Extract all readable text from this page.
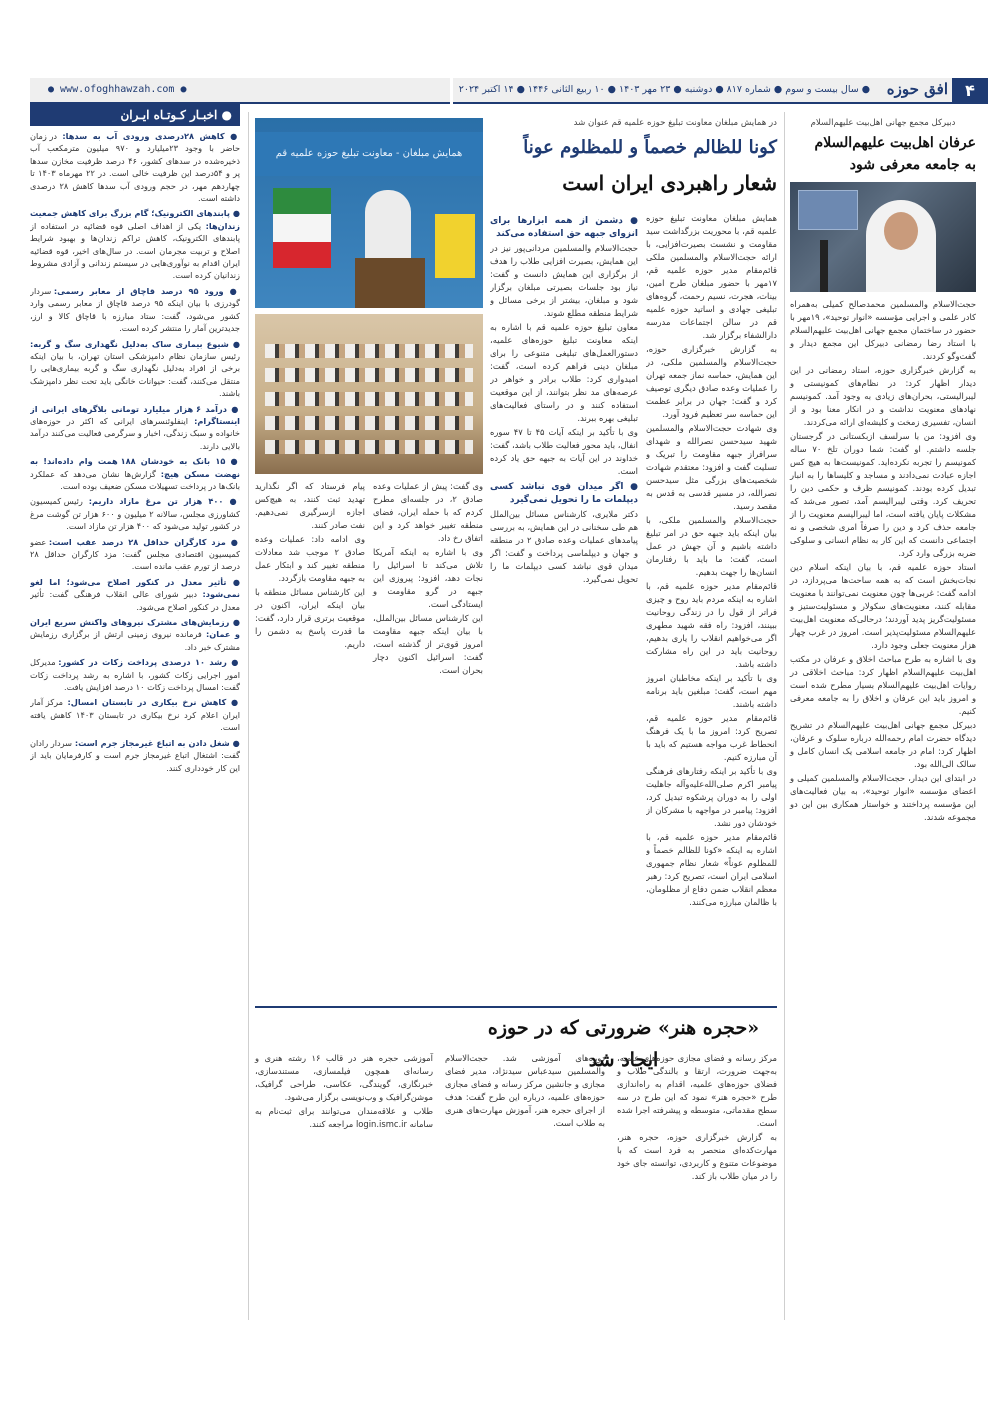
۴
افق حوزه
● سال بیست و سوم ● شماره ۸۱۷ ● دوشنبه ● ۲۳ مهر ۱۴۰۳ ● ۱۰ ربیع الثانی ۱۴۴۶ ● ۱۴ اکتبر ۲۰۲۴
● www.ofoghhawzah.com ●
دبیرکل مجمع جهانی اهل‌بیت علیهم‌السلام
عرفان اهل‌بیت علیهم‌السلام
به جامعه معرفی شود

حجت‌الاسلام والمسلمین محمدصالح کمیلی به‌همراه کادر علمی و اجرایی مؤسسه «انوار توحید»، ۱۹مهر با حضور در ساختمان مجمع جهانی اهل‌بیت علیهم‌السلام با استاد رضا رمضانی دبیرکل این مجمع دیدار و گفت‌وگو کردند.

به گزارش خبرگزاری حوزه، استاد رمضانی در این دیدار اظهار کرد: در نظام‌های کمونیستی و لیبرالیستی، بحران‌های زیادی به وجود آمد. کمونیسم نهادهای معنویت نداشت و در انکار معنا بود و از انسان، تفسیری زمخت و کلیشه‌ای ارائه می‌کردند.

وی افزود: من با سرلسف ازبکستانی در گرجستان جلسه داشتم. او گفت: شما دوران تلخ ۷۰ ساله کمونیسم را تجربه نکرده‌اید. کمونیست‌ها به هیچ کس اجازه عبادت نمی‌دادند و مساجد و کلیساها را به انبار تبدیل کرده بودند. کمونیسم ظرف و حکمی دین را تحریف کرد. وقتی لیبرالیسم آمد، تصور می‌شد که مشکلات پایان یافته است، اما لیبرالیسم معنویت را از جامعه حذف کرد و دین را صرفاً امری شخصی و نه اجتماعی دانست که این کار به نظام انسانی و سلوکی ضربه بزرگی وارد کرد.

استاد حوزه علمیه قم، با بیان اینکه اسلام دین نجات‌بخش است که به همه ساحت‌ها می‌پردازد، در ادامه گفت: غربی‌ها چون معنویت نمی‌توانند با معنویت مقابله کنند، معنویت‌های سکولار و مسئولیت‌ستیز و مسئولیت‌گریز پدید آوردند؛ درحالی‌که معنویت اهل‌بیت علیهم‌السلام مسئولیت‌پذیر است. امروز در غرب چهار هزار معنویت جعلی وجود دارد.

وی با اشاره به طرح مباحث اخلاق و عرفان در مکتب اهل‌بیت علیهم‌السلام اظهار کرد: مباحث اخلاقی در روایات اهل‌بیت علیهم‌السلام بسیار مطرح شده است و امروز باید این عرفان و اخلاق را به جامعه معرفی کنیم.

دبیرکل مجمع جهانی اهل‌بیت علیهم‌السلام در تشریح دیدگاه حضرت امام رحمه‌الله درباره سلوک و عرفان، اظهار کرد: امام در جامعه اسلامی یک انسان کامل و سالک الی‌الله بود.

در ابتدای این دیدار، حجت‌الاسلام والمسلمین کمیلی و اعضای مؤسسه «انوار توحید»، به بیان فعالیت‌های این مؤسسه پرداختند و خواستار همکاری بین این دو مجموعه شدند.

در همایش مبلغان معاونت تبلیغ حوزه علمیه قم عنوان شد
کونا للظالم خصماً و للمظلوم عوناً
شعار راهبردی ایران است
همایش مبلغان - معاونت تبلیغ حوزه علمیه قم

همایش مبلغان معاونت تبلیغ حوزه علمیه قم، با محوریت بزرگداشت سید مقاومت و نشست بصیرت‌افزایی، با ارائه حجت‌الاسلام والمسلمین ملکی قائم‌مقام مدیر حوزه علمیه قم، ۱۷مهر با حضور مبلغان طرح امین، بینات، هجرت، نسیم رحمت، گروه‌های تبلیغی جهادی و اساتید حوزه علمیه قم در سالن اجتماعات مدرسه دارالشفاء برگزار شد.

به گزارش خبرگزاری حوزه، حجت‌الاسلام والمسلمین ملکی، در این همایش، حماسه نماز جمعه تهران را عملیات وعده صادق دیگری توصیف کرد و گفت: جهان در برابر عظمت این حماسه سر تعظیم فرود آورد.

وی شهادت حجت‌الاسلام والمسلمین شهید سیدحسن نصرالله و شهدای سرافراز جبهه مقاومت را تبریک و تسلیت گفت و افزود: معتقدم شهادت شخصیت‌های بزرگی مثل سیدحسن نصرالله، در مسیر قدسی به قدس به مقصد رسید.

حجت‌الاسلام والمسلمین ملکی، با بیان اینکه باید جبهه حق در امر تبلیغ داشته باشیم و آن جهش در عمل است، گفت: ما باید با رفتارمان انسان‌ها را جهت بدهیم.

قائم‌مقام مدیر حوزه علمیه قم، با اشاره به اینکه مردم باید روح و چیزی فراتر از قول را در زندگی روحانیت ببینند، افزود: راه فقه شهید مطهری اگر می‌خواهیم انقلاب را یاری بدهیم، روحانیت باید در این راه مشارکت داشته باشد.

وی با تأکید بر اینکه مخاطبان امروز مهم است، گفت: مبلغین باید برنامه داشته باشند.

قائم‌مقام مدیر حوزه علمیه قم، تصریح کرد: امروز ما با یک فرهنگ انحطاط غرب مواجه هستیم که باید با آن مبارزه کنیم.

وی با تأکید بر اینکه رفتارهای فرهنگی پیامبر اکرم صلی‌الله‌علیه‌وآله جاهلیت اولی را به دوران پرشکوه تبدیل کرد، افزود: پیامبر در مواجهه با مشرکان از خودشان دور نشد.

قائم‌مقام مدیر حوزه علمیه قم، با اشاره به اینکه «کونا للظالم خصماً و للمظلوم عوناً» شعار نظام جمهوری اسلامی ایران است، تصریح کرد: رهبر معظم انقلاب ضمن دفاع از مظلومان، با ظالمان مبارزه می‌کنند.

● دشمن از همه ابزارها برای انزوای جبهه حق استفاده می‌کند

حجت‌الاسلام والمسلمین مردانی‌پور نیز در این همایش، بصیرت افزایی طلاب را هدف از برگزاری این همایش دانست و گفت: نیاز بود جلسات بصیرتی مبلغان برگزار شود و مبلغان، بیشتر از برخی مسائل و شرایط منطقه مطلع شوند.

معاون تبلیغ حوزه علمیه قم با اشاره به اینکه معاونت تبلیغ حوزه‌های علمیه، دستورالعمل‌های تبلیغی متنوعی را برای مبلغان دینی فراهم کرده است، گفت: امیدواری کرد: طلاب برادر و خواهر در عرصه‌های مد نظر بتوانند، از این موقعیت استفاده کنند و در راستای فعالیت‌های تبلیغی بهره ببرند.

وی با تأکید بر اینکه آیات ۴۵ تا ۴۷ سوره انفال، باید محور فعالیت طلاب باشد، گفت: خداوند در این آیات به جبهه حق یاد کرده است.

● اگر میدان قوی نباشد کسی دیپلمات ما را تحویل نمی‌گیرد

دکتر ملایری، کارشناس مسائل بین‌الملل هم طی سخنانی در این همایش، به بررسی پیامدهای عملیات وعده صادق ۲ در منطقه و جهان و دیپلماسی پرداخت و گفت: اگر میدان قوی نباشد کسی دیپلمات ما را تحویل نمی‌گیرد.

وی گفت: پیش از عملیات وعده صادق ۲، در جلسه‌ای مطرح کردم که با حمله ایران، فضای منطقه تغییر خواهد کرد و این اتفاق رخ داد.

وی با اشاره به اینکه آمریکا تلاش می‌کند تا اسرائیل را نجات دهد، افزود: پیروزی این جبهه در گرو مقاومت و ایستادگی است.

این کارشناس مسائل بین‌الملل، با بیان اینکه جبهه مقاومت امروز قوی‌تر از گذشته است، گفت: اسرائیل اکنون دچار بحران است.

پیام فرستاد که اگر نگذارید تهدید ثبت کنند، به هیچ‌کس اجازه ازسرگیری نمی‌دهیم. نفت صادر کنند.

وی ادامه داد: عملیات وعده صادق ۲ موجب شد معادلات منطقه تغییر کند و ابتکار عمل به جبهه مقاومت بازگردد.

این کارشناس مسائل منطقه با بیان اینکه ایران، اکنون در موقعیت برتری قرار دارد، گفت: ما قدرت پاسخ به دشمن را داریم.

«حجره هنر» ضرورتی که در حوزه ایجاد شد

مرکز رسانه و فضای مجازی حوزه‌های علمیه، به‌جهت ضرورت، ارتقا و بالندگی طلاب و فضلای حوزه‌های علمیه، اقدام به راه‌اندازی طرح «حجره هنر» نمود که این طرح در سه سطح مقدماتی، متوسطه و پیشرفته اجرا شده است.

به گزارش خبرگزاری حوزه، حجره هنر، مهارت‌کده‌ای منحصر به فرد است که با موضوعات متنوع و کاربردی، توانسته جای خود را در میان طلاب باز کند.

دوره‌های آموزشی شد. حجت‌الاسلام والمسلمین سیدعباس سیدنژاد، مدیر فضای مجازی و جانشین مرکز رسانه و فضای مجازی حوزه‌های علمیه، درباره این طرح گفت: هدف از اجرای حجره هنر، آموزش مهارت‌های هنری به طلاب است.

آموزشی حجره هنر در قالب ۱۶ رشته هنری و رسانه‌ای همچون فیلمسازی، مستندسازی، خبرنگاری، گویندگی، عکاسی، طراحی گرافیک، موشن‌گرافیک و وب‌نویسی برگزار می‌شود.

طلاب و علاقه‌مندان می‌توانند برای ثبت‌نام به سامانه login.ismc.ir مراجعه کنند.

● اخبـار کـوتـاه ایـران
● کاهش ۲۸درصدی ورودی آب به سدها: در زمان حاضر با وجود ۲۳میلیارد و ۹۷۰ میلیون مترمکعب آب ذخیره‌شده در سدهای کشور، ۴۶ درصد ظرفیت مخازن سدها پر و ۵۴درصد این ظرفیت خالی است. در ۲۲ مهرماه ۱۴۰۳ تا چهاردهم مهر، در حجم ورودی آب سدها کاهش ۲۸ درصدی داشته است.
● پابندهای الکترونیک؛ گام بزرگ برای کاهش جمعیت زندان‌ها: یکی از اهداف اصلی قوه قضائیه در استفاده از پابندهای الکترونیک، کاهش تراکم زندان‌ها و بهبود شرایط اصلاح و تربیت مجرمان است. در سال‌های اخیر، قوه قضائیه ایران اقدام به نوآوری‌هایی در سیستم زندانی و آزادی مشروط زندانیان کرده است.
● ورود ۹۵ درصد قاچاق از معابر رسمی: سردار گودرزی با بیان اینکه ۹۵ درصد قاچاق از معابر رسمی وارد کشور می‌شود، گفت: ستاد مبارزه با قاچاق کالا و ارز، جدیدترین آمار را منتشر کرده است.
● شیوع بیماری ساک به‌دلیل نگهداری سگ و گربه: رئیس سازمان نظام دامپزشکی استان تهران، با بیان اینکه برخی از افراد به‌دلیل نگهداری سگ و گربه بیماری‌هایی را منتقل می‌کنند، گفت: حیوانات خانگی باید تحت نظر دامپزشک باشند.
● درآمد ۶ هزار میلیارد تومانی بلاگرهای ایرانی از اینستاگرام: اینفلوئنسرهای ایرانی که اکثر در حوزه‌های خانواده و سبک زندگی، اخبار و سرگرمی فعالیت می‌کنند درآمد بالایی دارند.
● ۱۵ بانک به خودشان ۱۸۸ همت وام داده‌اند! به نهضت مسکن هیچ: گزارش‌ها نشان می‌دهد که عملکرد بانک‌ها در پرداخت تسهیلات مسکن ضعیف بوده است.
● ۴۰۰ هزار تن مرغ مازاد داریم: رئیس کمیسیون کشاورزی مجلس، سالانه ۲ میلیون و ۶۰۰ هزار تن گوشت مرغ در کشور تولید می‌شود که ۴۰۰ هزار تن مازاد است.
● مزد کارگران حداقل ۲۸ درصد عقب است: عضو کمیسیون اقتصادی مجلس گفت: مزد کارگران حداقل ۲۸ درصد از تورم عقب مانده است.
● تأثیر معدل در کنکور اصلاح می‌شود؛ اما لغو نمی‌شود: دبیر شورای عالی انقلاب فرهنگی گفت: تأثیر معدل در کنکور اصلاح می‌شود.
● رزمایش‌های مشترک نیروهای واکنش سریع ایران و عمان: فرمانده نیروی زمینی ارتش از برگزاری رزمایش مشترک خبر داد.
● رشد ۱۰ درصدی پرداخت زکات در کشور: مدیرکل امور اجرایی زکات کشور، با اشاره به رشد پرداخت زکات گفت: امسال پرداخت زکات ۱۰ درصد افزایش یافت.
● کاهش نرخ بیکاری در تابستان امسال: مرکز آمار ایران اعلام کرد نرخ بیکاری در تابستان ۱۴۰۳ کاهش یافته است.
● شغل دادن به اتباع غیرمجاز جرم است: سردار رادان گفت: اشتغال اتباع غیرمجاز جرم است و کارفرمایان باید از این کار خودداری کنند.
